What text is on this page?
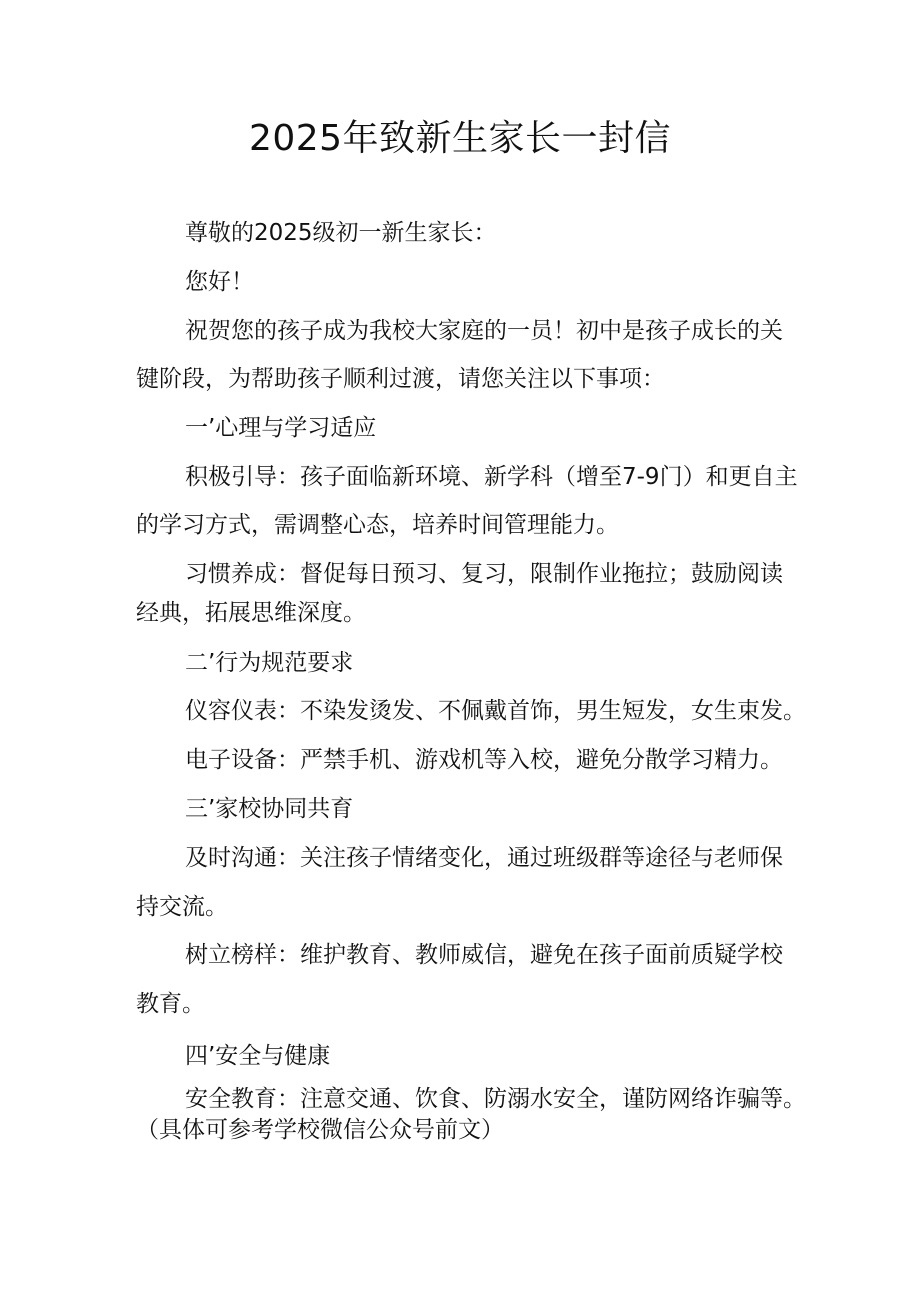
2025年致新生家长一封信
尊敬的2025级初一新生家长：
您好！
祝贺您的孩子成为我校大家庭的一员！初中是孩子成长的关
键阶段，为帮助孩子顺利过渡，请您关注以下事项：
一’心理与学习适应
积极引导：孩子面临新环境、新学科（增至7-9门）和更自主
的学习方式，需调整心态，培养时间管理能力。
习惯养成：督促每日预习、复习，限制作业拖拉；鼓励阅读
经典，拓展思维深度。
二’行为规范要求
仪容仪表：不染发烫发、不佩戴首饰，男生短发，女生束发。
电子设备：严禁手机、游戏机等入校，避免分散学习精力。
三’家校协同共育
及时沟通：关注孩子情绪变化，通过班级群等途径与老师保
持交流。
树立榜样：维护教育、教师威信，避免在孩子面前质疑学校
教育。
四’安全与健康
安全教育：注意交通、饮食、防溺水安全，谨防网络诈骗等。
（具体可参考学校微信公众号前文）
